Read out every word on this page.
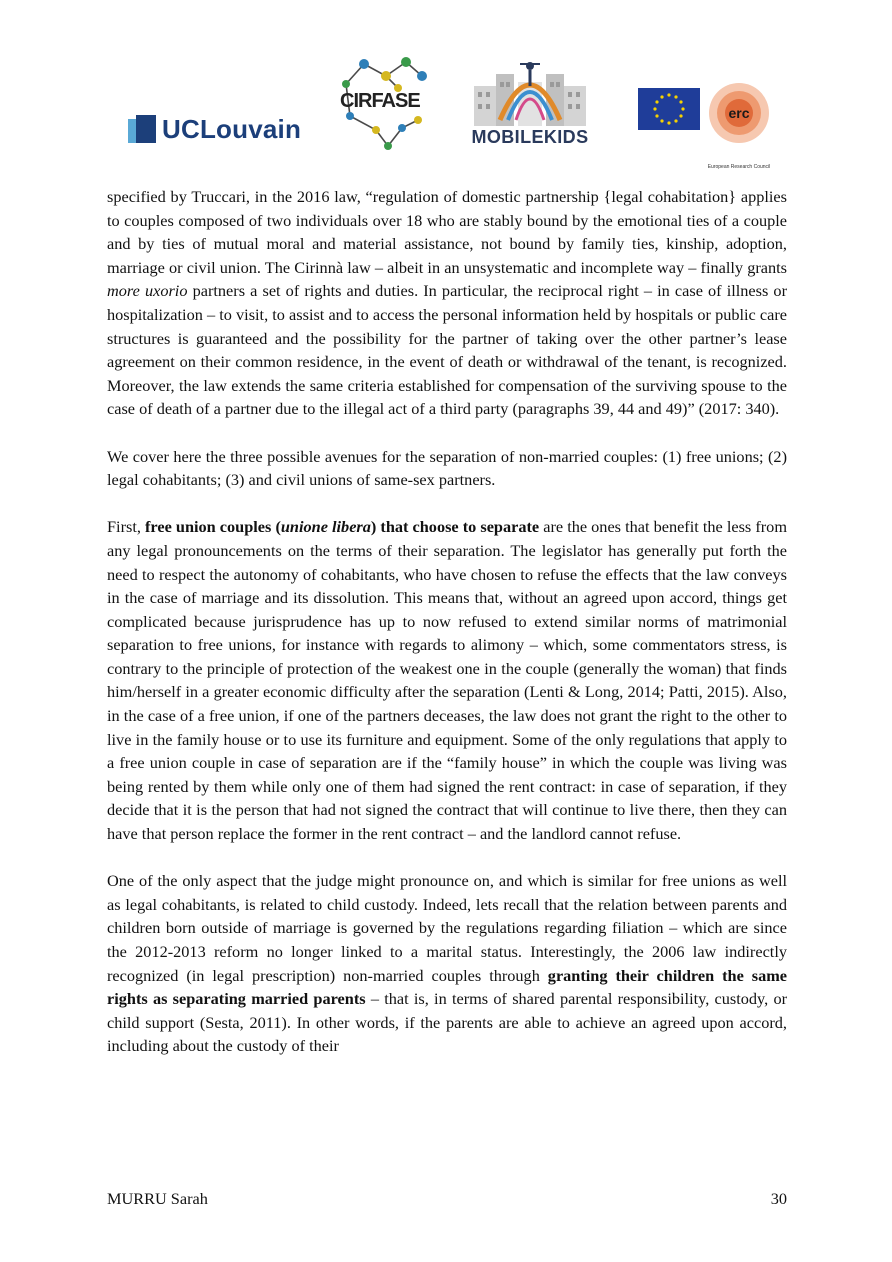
UCLouvain
CIRFASE
MOBILEKIDS
erc
European Research Council

specified by Truccari, in the 2016 law, “regulation of domestic partnership {legal cohabitation} applies to couples composed of two individuals over 18 who are stably bound by the emotional ties of a couple and by ties of mutual moral and material assistance, not bound by family ties, kinship, adoption, marriage or civil union. The Cirinnà law – albeit in an unsystematic and incomplete way – finally grants more uxorio partners a set of rights and duties. In particular, the reciprocal right – in case of illness or hospitalization – to visit, to assist and to access the personal information held by hospitals or public care structures is guaranteed and the possibility for the partner of taking over the other partner’s lease agreement on their common residence, in the event of death or withdrawal of the tenant, is recognized. Moreover, the law extends the same criteria established for compensation of the surviving spouse to the case of death of a partner due to the illegal act of a third party (paragraphs 39, 44 and 49)” (2017: 340).

We cover here the three possible avenues for the separation of non-married couples: (1) free unions; (2) legal cohabitants; (3) and civil unions of same-sex partners.

First, free union couples (unione libera) that choose to separate are the ones that benefit the less from any legal pronouncements on the terms of their separation. The legislator has generally put forth the need to respect the autonomy of cohabitants, who have chosen to refuse the effects that the law conveys in the case of marriage and its dissolution. This means that, without an agreed upon accord, things get complicated because jurisprudence has up to now refused to extend similar norms of matrimonial separation to free unions, for instance with regards to alimony – which, some commentators stress, is contrary to the principle of protection of the weakest one in the couple (generally the woman) that finds him/herself in a greater economic difficulty after the separation (Lenti & Long, 2014; Patti, 2015). Also, in the case of a free union, if one of the partners deceases, the law does not grant the right to the other to live in the family house or to use its furniture and equipment. Some of the only regulations that apply to a free union couple in case of separation are if the “family house” in which the couple was living was being rented by them while only one of them had signed the rent contract: in case of separation, if they decide that it is the person that had not signed the contract that will continue to live there, then they can have that person replace the former in the rent contract – and the landlord cannot refuse.

One of the only aspect that the judge might pronounce on, and which is similar for free unions as well as legal cohabitants, is related to child custody. Indeed, lets recall that the relation between parents and children born outside of marriage is governed by the regulations regarding filiation – which are since the 2012-2013 reform no longer linked to a marital status. Interestingly, the 2006 law indirectly recognized (in legal prescription) non-married couples through granting their children the same rights as separating married parents – that is, in terms of shared parental responsibility, custody, or child support (Sesta, 2011). In other words, if the parents are able to achieve an agreed upon accord, including about the custody of their

MURRU Sarah	30
